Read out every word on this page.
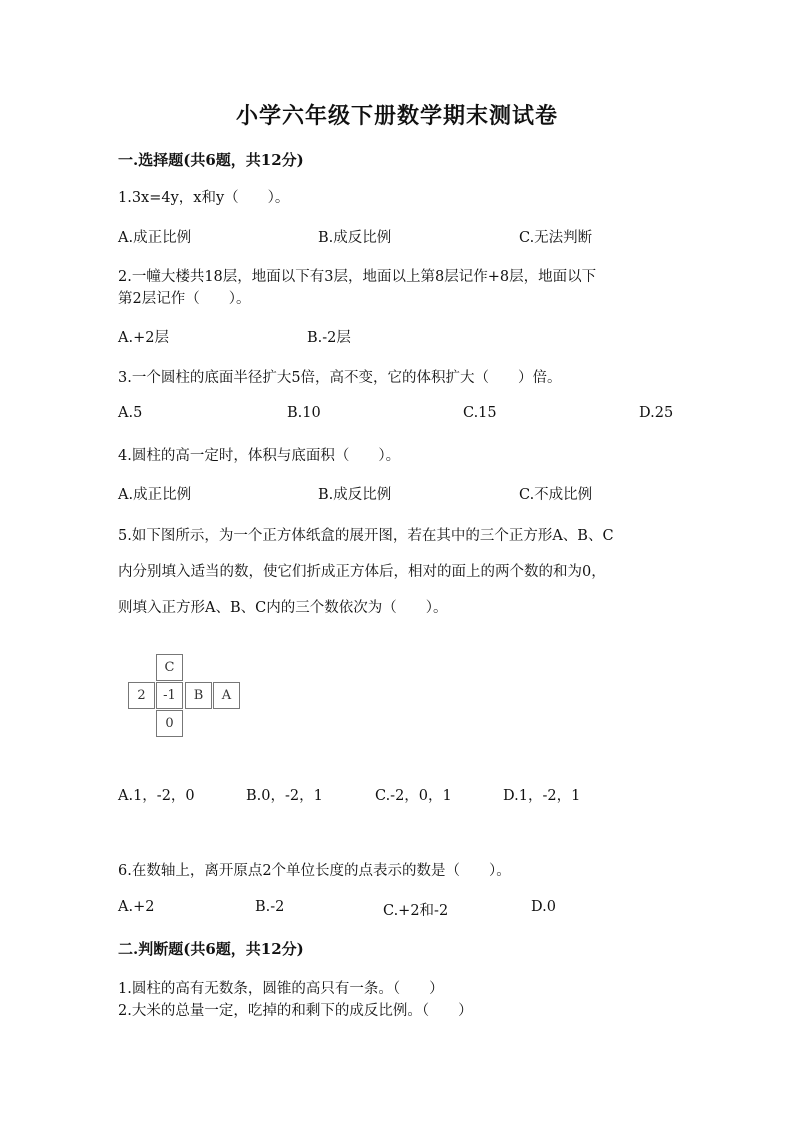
小学六年级下册数学期末测试卷
一.选择题(共6题，共12分)
1.3x=4y，x和y（　　）。
A.成正比例	B.成反比例	C.无法判断
2.一幢大楼共18层，地面以下有3层，地面以上第8层记作+8层，地面以下
第2层记作（　　）。
A.+2层	B.-2层
3.一个圆柱的底面半径扩大5倍，高不变，它的体积扩大（　　）倍。
A.5	B.10	C.15	D.25
4.圆柱的高一定时，体积与底面积（　　）。
A.成正比例	B.成反比例	C.不成比例
5.如下图所示，为一个正方体纸盒的展开图，若在其中的三个正方形A、B、C
内分别填入适当的数，使它们折成正方体后，相对的面上的两个数的和为0，
则填入正方形A、B、C内的三个数依次为（　　）。
C
2	-1	B	A
0
A.1，-2，0	B.0，-2，1	C.-2，0，1	D.1，-2，1
6.在数轴上，离开原点2个单位长度的点表示的数是（　　）。
A.+2	B.-2	C.+2和-2	D.0
二.判断题(共6题，共12分)
1.圆柱的高有无数条，圆锥的高只有一条。（　　）
2.大米的总量一定，吃掉的和剩下的成反比例。（　　）
